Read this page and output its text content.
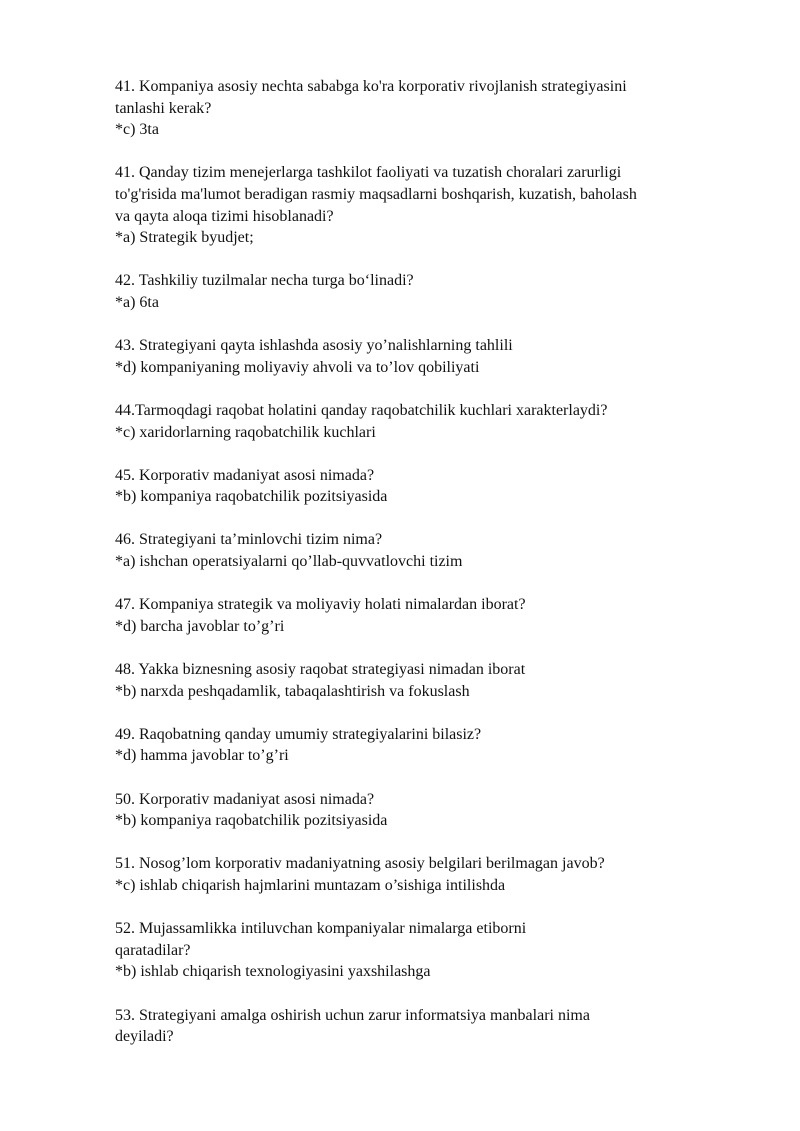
41. Kompaniya asosiy nechta sababga ko'ra korporativ rivojlanish strategiyasini
tanlashi kerak?
*c) 3ta
41. Qanday tizim menejerlarga tashkilot faoliyati va tuzatish choralari zarurligi
to'g'risida ma'lumot beradigan rasmiy maqsadlarni boshqarish, kuzatish, baholash
va qayta aloqa tizimi hisoblanadi?
*a) Strategik byudjet;
42. Tashkiliy tuzilmalar necha turga bo‘linadi?
*a) 6ta
43. Strategiyani qayta ishlashda asosiy yo’nalishlarning tahlili
*d) kompaniyaning moliyaviy ahvoli va to’lov qobiliyati
44.Tarmoqdagi raqobat holatini qanday raqobatchilik kuchlari xarakterlaydi?
*c) xaridorlarning raqobatchilik kuchlari
45. Korporativ madaniyat asosi nimada?
*b) kompaniya raqobatchilik pozitsiyasida
46. Strategiyani ta’minlovchi tizim nima?
*a) ishchan operatsiyalarni qo’llab-quvvatlovchi tizim
47. Kompaniya strategik va moliyaviy holati nimalardan iborat?
*d) barcha javoblar to’g’ri
48. Yakka biznesning asosiy raqobat strategiyasi nimadan iborat
*b) narxda peshqadamlik, tabaqalashtirish va fokuslash
49. Raqobatning qanday umumiy strategiyalarini bilasiz?
*d) hamma javoblar to’g’ri
50. Korporativ madaniyat asosi nimada?
*b) kompaniya raqobatchilik pozitsiyasida
51. Nosog’lom korporativ madaniyatning asosiy belgilari berilmagan javob?
*c) ishlab chiqarish hajmlarini muntazam o’sishiga intilishda
52. Mujassamlikka intiluvchan kompaniyalar nimalarga etiborni
qaratadilar?
*b) ishlab chiqarish texnologiyasini yaxshilashga
53. Strategiyani amalga oshirish uchun zarur informatsiya manbalari nima
deyiladi?
